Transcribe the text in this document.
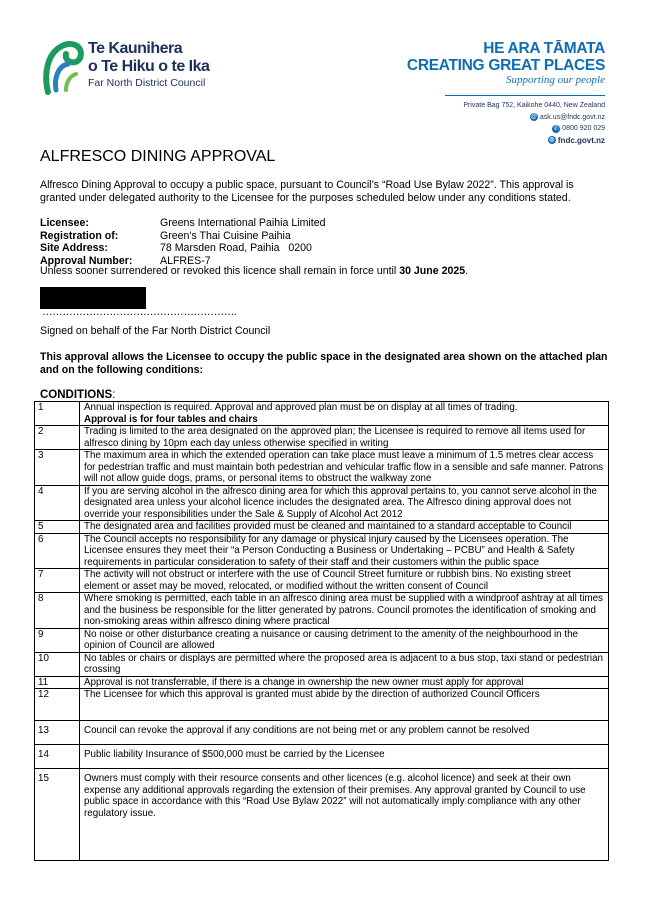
Te Kaunihera
o Te Hiku o te Ika
Far North District Council
HE ARA TĀMATA
CREATING GREAT PLACES
Supporting our people
Private Bag 752, Kaikohe 0440, New Zealand
@ ask.us@fndc.govt.nz
✆ 0800 920 029
◎ fndc.govt.nz
ALFRESCO DINING APPROVAL
Alfresco Dining Approval to occupy a public space, pursuant to Council’s “Road Use Bylaw 2022”. This approval is granted under delegated authority to the Licensee for the purposes scheduled below under any conditions stated.
Licensee:	Greens International Paihia Limited
Registration of:	Green's Thai Cuisine Paihia
Site Address:	78 Marsden Road, Paihia   0200
Approval Number:	ALFRES-7
Unless sooner surrendered or revoked this licence shall remain in force until 30 June 2025.
………………………………………………….
Signed on behalf of the Far North District Council
This approval allows the Licensee to occupy the public space in the designated area shown on the attached plan and on the following conditions:
CONDITIONS:
1	Annual inspection is required. Approval and approved plan must be on display at all times of trading.
Approval is for four tables and chairs
2	Trading is limited to the area designated on the approved plan; the Licensee is required to remove all items used for alfresco dining by 10pm each day unless otherwise specified in writing
3	The maximum area in which the extended operation can take place must leave a minimum of 1.5 metres clear access for pedestrian traffic and must maintain both pedestrian and vehicular traffic flow in a sensible and safe manner. Patrons will not allow guide dogs, prams, or personal items to obstruct the walkway zone
4	If you are serving alcohol in the alfresco dining area for which this approval pertains to, you cannot serve alcohol in the designated area unless your alcohol licence includes the designated area. The Alfresco dining approval does not override your responsibilities under the Sale & Supply of Alcohol Act 2012
5	The designated area and facilities provided must be cleaned and maintained to a standard acceptable to Council
6	The Council accepts no responsibility for any damage or physical injury caused by the Licensees operation. The Licensee ensures they meet their “a Person Conducting a Business or Undertaking – PCBU” and Health & Safety requirements in particular consideration to safety of their staff and their customers within the public space
7	The activity will not obstruct or interfere with the use of Council Street furniture or rubbish bins. No existing street element or asset may be moved, relocated, or modified without the written consent of Council
8	Where smoking is permitted, each table in an alfresco dining area must be supplied with a windproof ashtray at all times and the business be responsible for the litter generated by patrons. Council promotes the identification of smoking and non-smoking areas within alfresco dining where practical
9	No noise or other disturbance creating a nuisance or causing detriment to the amenity of the neighbourhood in the opinion of Council are allowed
10	No tables or chairs or displays are permitted where the proposed area is adjacent to a bus stop, taxi stand or pedestrian crossing
11	Approval is not transferrable, if there is a change in ownership the new owner must apply for approval
12	The Licensee for which this approval is granted must abide by the direction of authorized Council Officers
13	Council can revoke the approval if any conditions are not being met or any problem cannot be resolved
14	Public liability Insurance of $500,000 must be carried by the Licensee
15	Owners must comply with their resource consents and other licences (e.g. alcohol licence) and seek at their own expense any additional approvals regarding the extension of their premises. Any approval granted by Council to use public space in accordance with this “Road Use Bylaw 2022” will not automatically imply compliance with any other regulatory issue.
